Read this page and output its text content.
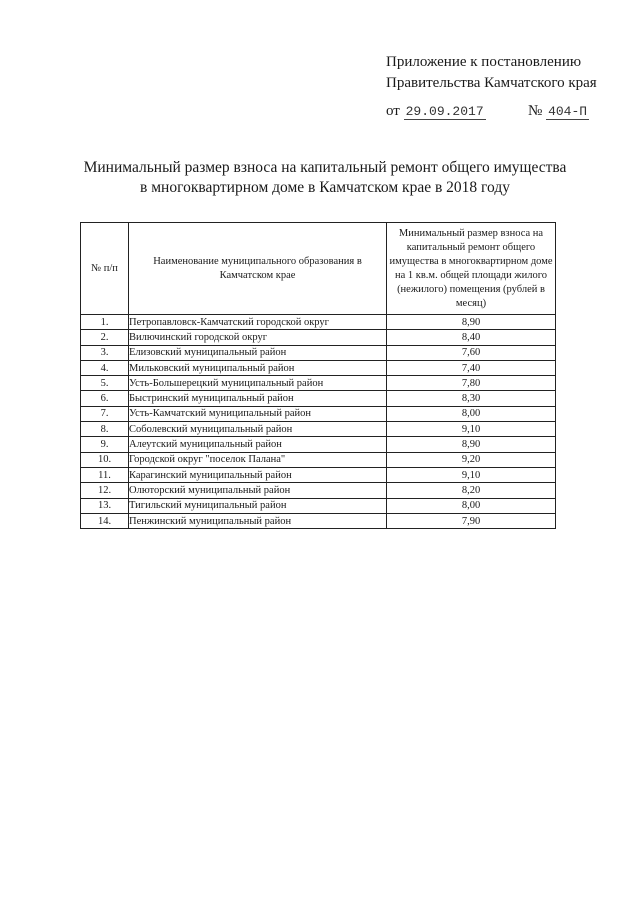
Приложение к постановлению
Правительства Камчатского края
от 29.09.2017	№ 404-П
Минимальный размер взноса на капитальный ремонт общего имущества
в многоквартирном доме в Камчатском крае в 2018 году
№ п/п	Наименование муниципального образования в Камчатском крае	Минимальный размер взноса на капитальный ремонт общего имущества в многоквартирном доме на 1 кв.м. общей площади жилого (нежилого) помещения (рублей в месяц)
1.	Петропавловск-Камчатский городской округ	8,90
2.	Вилючинский городской округ	8,40
3.	Елизовский муниципальный район	7,60
4.	Мильковский муниципальный район	7,40
5.	Усть-Большерецкий муниципальный район	7,80
6.	Быстринский муниципальный район	8,30
7.	Усть-Камчатский муниципальный район	8,00
8.	Соболевский муниципальный район	9,10
9.	Алеутский муниципальный район	8,90
10.	Городской округ "поселок Палана"	9,20
11.	Карагинский муниципальный район	9,10
12.	Олюторский муниципальный район	8,20
13.	Тигильский муниципальный район	8,00
14.	Пенжинский муниципальный район	7,90
